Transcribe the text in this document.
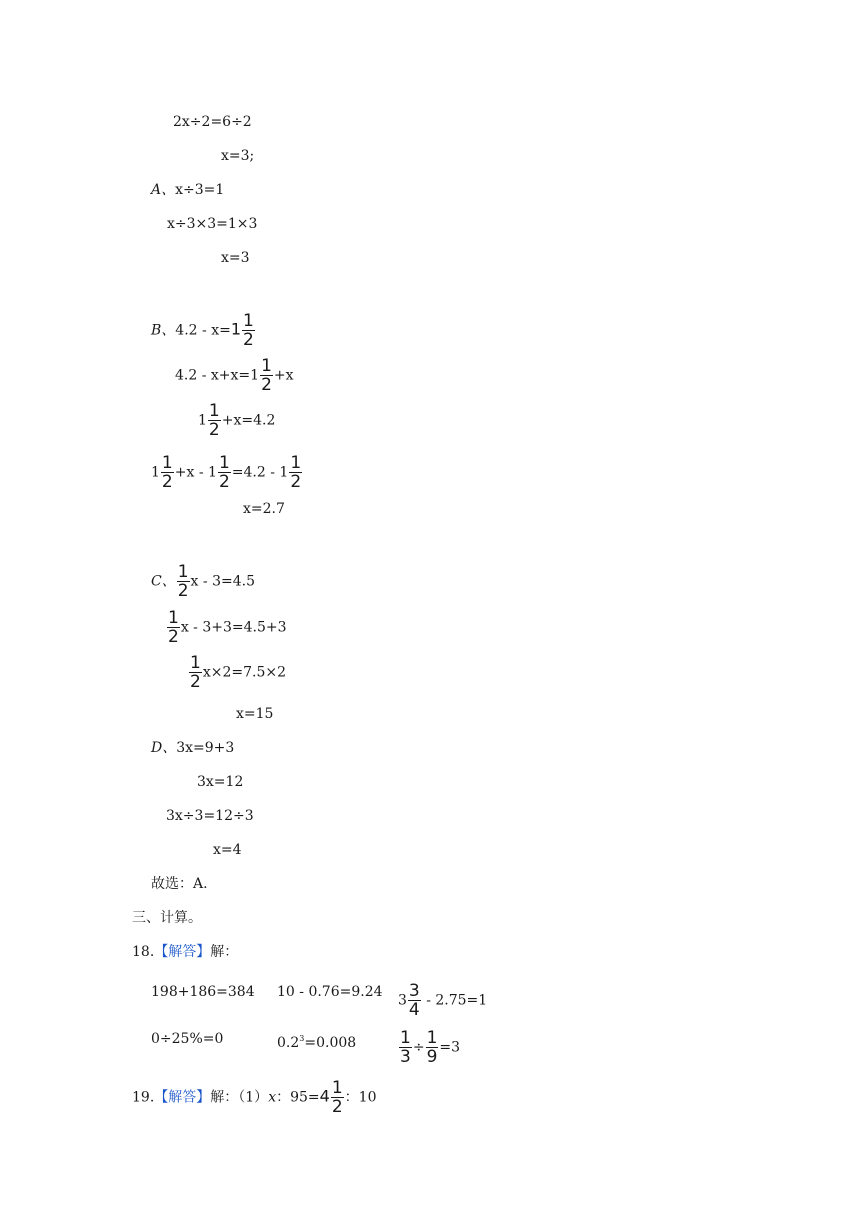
2x÷2=6÷2
x=3;
A、x÷3=1
x÷3×3=1×3
x=3
B、$4.2 - x=1 \frac{1}{2}$
$4.2 - x+x=1 \frac{1}{2} +x$
$1 \frac{1}{2} +x=4.2$
$1 \frac{1}{2} +x - 1 \frac{1}{2} =4.2 - 1 \frac{1}{2}$
x=2.7
C、 $\frac{1}{2}$ x - 3=4.5
$\frac{1}{2}$ x - 3+3=4.5+3
$\frac{1}{2} x\times 2=7.5\times 2$
x=15
D、3x=9+3
3x=12
3x÷3=12÷3
x=4
故选：A.
三、计算。
18.【解答】解：
198+186=384 10 - 0.76=9.24
$3 \frac{3}{4} - 2.75=1$
0÷25%=0	$0.2^3=0.008$	$\frac{1}{3} \div \frac{1}{9} =3$
19.【解答】解：（1）x：$95=4 \frac{1}{2}$ ：10
